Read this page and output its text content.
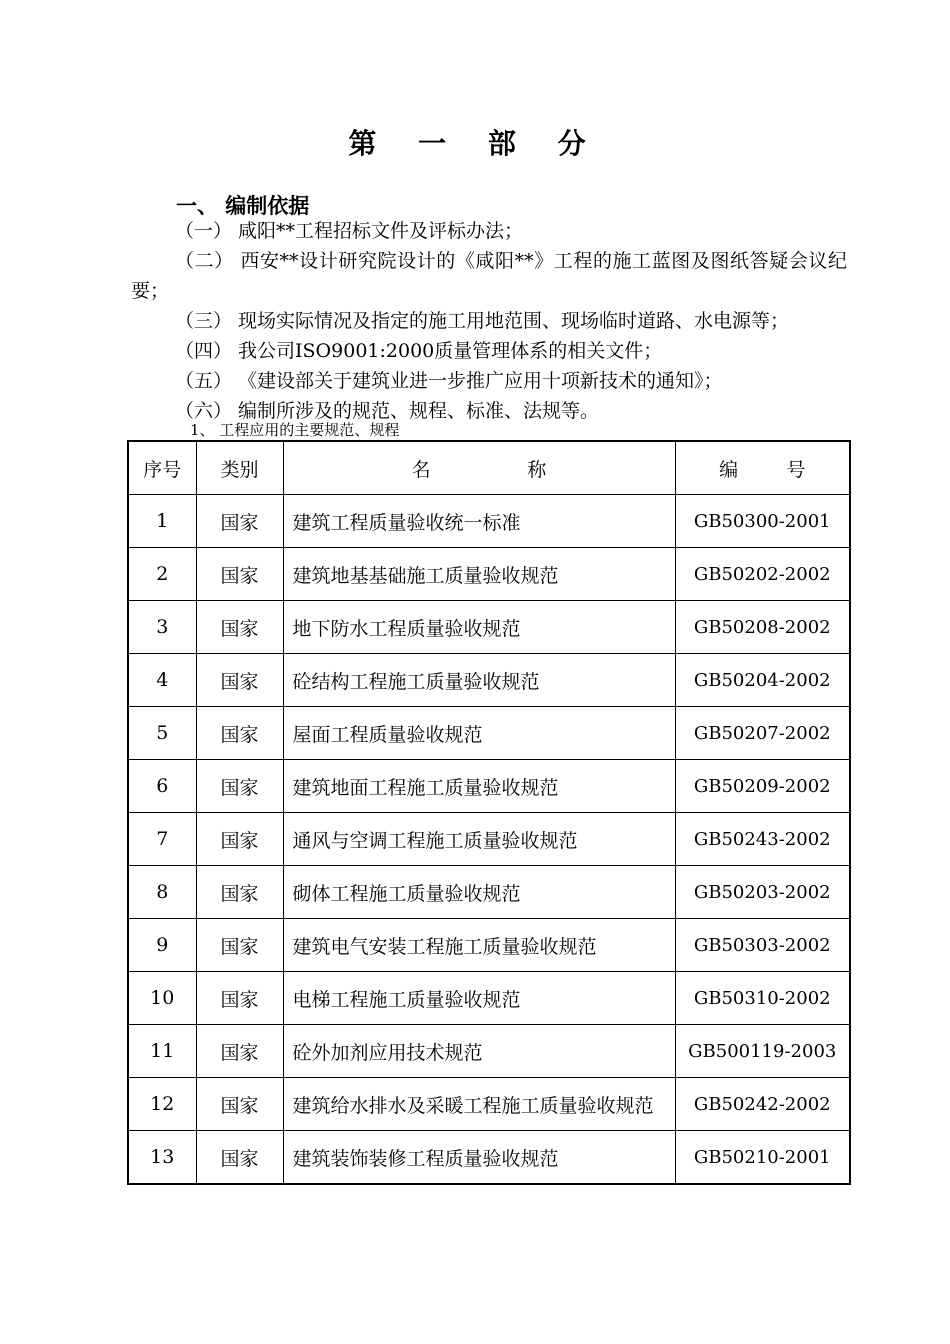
第 一 部 分
一、 编制依据
（一） 咸阳**工程招标文件及评标办法；
（二） 西安**设计研究院设计的《咸阳**》工程的施工蓝图及图纸答疑会议纪要；
（三） 现场实际情况及指定的施工用地范围、现场临时道路、水电源等；
（四） 我公司ISO9001:2000质量管理体系的相关文件；
（五） 《建设部关于建筑业进一步推广应用十项新技术的通知》；
（六） 编制所涉及的规范、规程、标准、法规等。
1、 工程应用的主要规范、规程
序号	类别	名                称	编        号
1	国家	建筑工程质量验收统一标准	GB50300-2001
2	国家	建筑地基基础施工质量验收规范	GB50202-2002
3	国家	地下防水工程质量验收规范	GB50208-2002
4	国家	砼结构工程施工质量验收规范	GB50204-2002
5	国家	屋面工程质量验收规范	GB50207-2002
6	国家	建筑地面工程施工质量验收规范	GB50209-2002
7	国家	通风与空调工程施工质量验收规范	GB50243-2002
8	国家	砌体工程施工质量验收规范	GB50203-2002
9	国家	建筑电气安装工程施工质量验收规范	GB50303-2002
10	国家	电梯工程施工质量验收规范	GB50310-2002
11	国家	砼外加剂应用技术规范	GB500119-2003
12	国家	建筑给水排水及采暖工程施工质量验收规范	GB50242-2002
13	国家	建筑装饰装修工程质量验收规范	GB50210-2001
